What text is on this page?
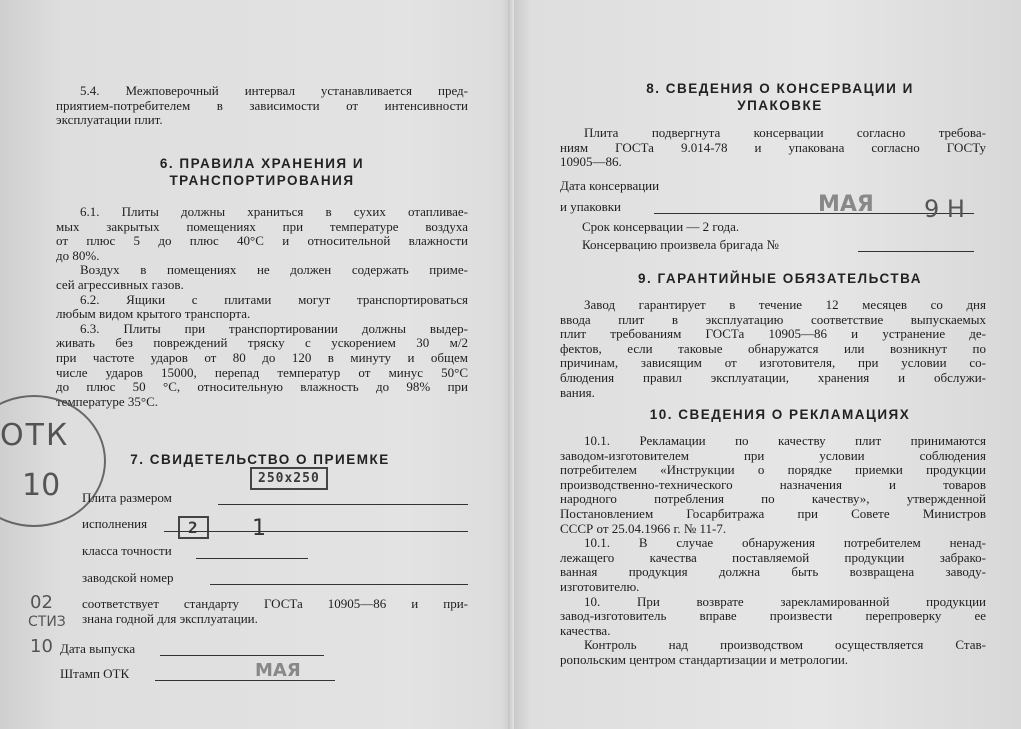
5.4. Межповерочный интервал устанавливается пред-
приятием-потребителем в зависимости от интенсивности
эксплуатации плит.
6. ПРАВИЛА ХРАНЕНИЯ И
ТРАНСПОРТИРОВАНИЯ
6.1. Плиты должны храниться в сухих отапливае-
мых закрытых помещениях при температуре воздуха
от плюс 5 до плюс 40°С и относительной влажности
до 80%.
Воздух в помещениях не должен содержать приме-
сей агрессивных газов.
6.2. Ящики с плитами могут транспортироваться
любым видом крытого транспорта.
6.3. Плиты при транспортировании должны выдер-
живать без повреждений тряску с ускорением 30 м/2
при частоте ударов от 80 до 120 в минуту и общем
числе ударов 15000, перепад температур от минус 50°С
до плюс 50 °С, относительную влажность до 98% при
температуре 35°С.
ОТК
10
7. СВИДЕТЕЛЬСТВО О ПРИЕМКЕ
250x250
Плита размером
исполнения	2	1
класса точности
заводской номер
02
СТИЗ
10
соответствует стандарту ГОСТа 10905—86 и при-
знана годной для эксплуатации.
Дата выпуска
Штамп ОТК	МАЯ
8. СВЕДЕНИЯ О КОНСЕРВАЦИИ И
УПАКОВКЕ
Плита подвергнута консервации согласно требова-
ниям ГОСТа 9.014-78 и упакована согласно ГОСТу
10905—86.
Дата консервации
и упаковки	МАЯ 9 Н
Срок консервации — 2 года.
Консервацию произвела бригада №
9. ГАРАНТИЙНЫЕ ОБЯЗАТЕЛЬСТВА
Завод гарантирует в течение 12 месяцев со дня
ввода плит в эксплуатацию соответствие выпускаемых
плит требованиям ГОСТа 10905—86 и устранение де-
фектов, если таковые обнаружатся или возникнут по
причинам, зависящим от изготовителя, при условии со-
блюдения правил эксплуатации, хранения и обслужи-
вания.
10. СВЕДЕНИЯ О РЕКЛАМАЦИЯХ
10.1. Рекламации по качеству плит принимаются
заводом-изготовителем при условии соблюдения
потребителем «Инструкции о порядке приемки продукции
производственно-технического назначения и товаров
народного потребления по качеству», утвержденной
Постановлением Госарбитража при Совете Министров
СССР от 25.04.1966 г. № 11-7.
10.1. В случае обнаружения потребителем ненад-
лежащего качества поставляемой продукции забрако-
ванная продукция должна быть возвращена заводу-
изготовителю.
10. При возврате зарекламированной продукции
завод-изготовитель вправе произвести перепроверку ее
качества.
Контроль над производством осуществляется Став-
ропольским центром стандартизации и метрологии.
